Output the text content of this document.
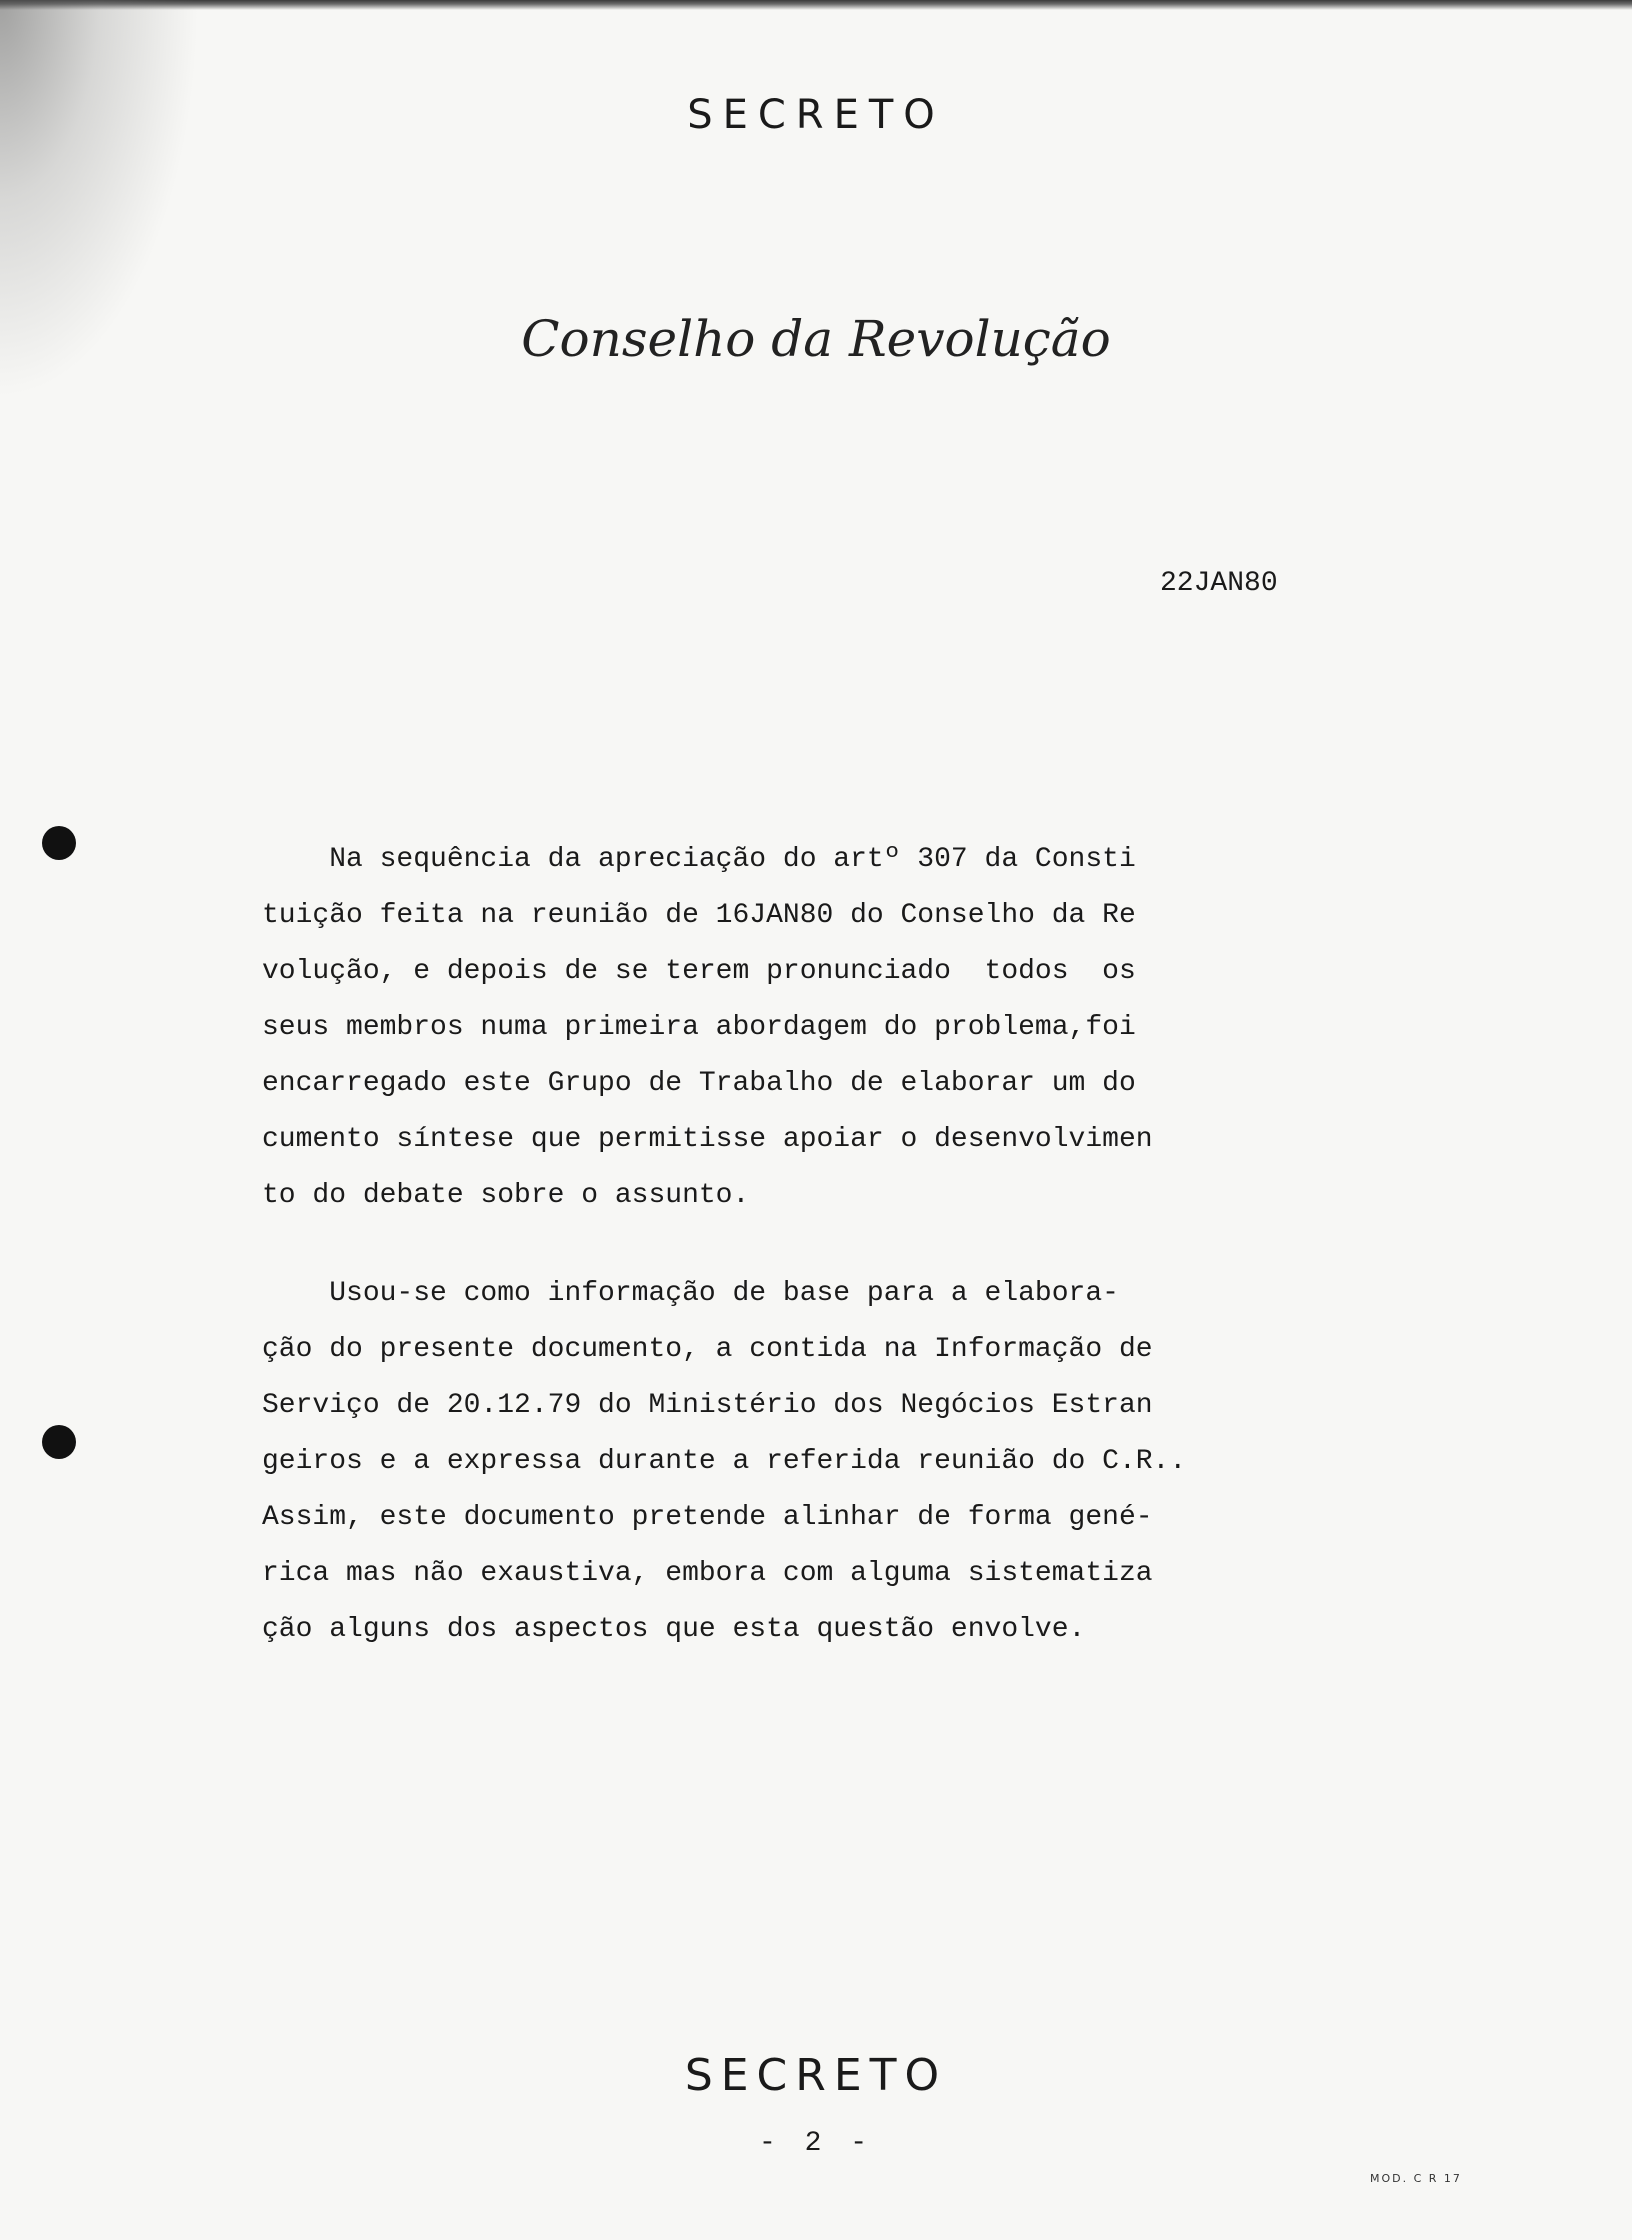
SECRETO
Conselho da Revolução
22JAN80
Na sequência da apreciação do artº 307 da Consti
tuição feita na reunião de 16JAN80 do Conselho da Re
volução, e depois de se terem pronunciado  todos  os
seus membros numa primeira abordagem do problema,foi
encarregado este Grupo de Trabalho de elaborar um do
cumento síntese que permitisse apoiar o desenvolvimen
to do debate sobre o assunto.
Usou-se como informação de base para a elabora-
ção do presente documento, a contida na Informação de
Serviço de 20.12.79 do Ministério dos Negócios Estran
geiros e a expressa durante a referida reunião do C.R..
Assim, este documento pretende alinhar de forma gené-
rica mas não exaustiva, embora com alguma sistematiza
ção alguns dos aspectos que esta questão envolve.
SECRETO
- 2 -
MOD. C R 17
